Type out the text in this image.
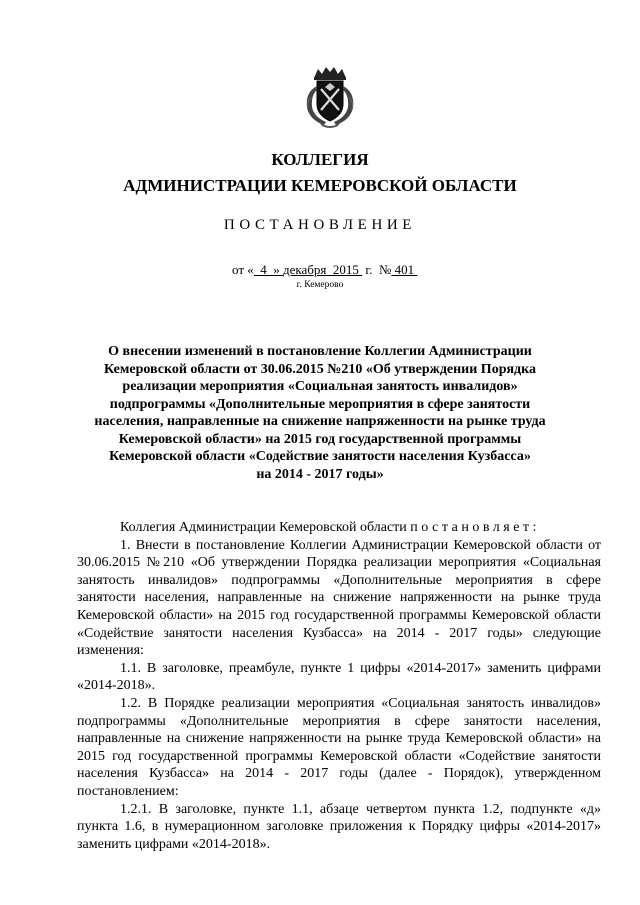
КОЛЛЕГИЯ
АДМИНИСТРАЦИИ КЕМЕРОВСКОЙ ОБЛАСТИ
ПОСТАНОВЛЕНИЕ
от «  4  » декабря  2015  г.  № 401
г. Кемерово
О внесении изменений в постановление Коллегии Администрации
Кемеровской области от 30.06.2015 №210 «Об утверждении Порядка
реализации мероприятия «Социальная занятость инвалидов»
подпрограммы «Дополнительные мероприятия в сфере занятости
населения, направленные на снижение напряженности на рынке труда
Кемеровской области» на 2015 год государственной программы
Кемеровской области «Содействие занятости населения Кузбасса»
на 2014 - 2017 годы»

Коллегия Администрации Кемеровской области постановляет:

1. Внести в постановление Коллегии Администрации Кемеровской области от 30.06.2015 №210 «Об утверждении Порядка реализации мероприятия «Социальная занятость инвалидов» подпрограммы «Дополнительные мероприятия в сфере занятости населения, направленные на снижение напряженности на рынке труда Кемеровской области» на 2015 год государственной программы Кемеровской области «Содействие занятости населения Кузбасса» на 2014 - 2017 годы» следующие изменения:

1.1. В заголовке, преамбуле, пункте 1 цифры «2014-2017» заменить цифрами «2014-2018».

1.2. В Порядке реализации мероприятия «Социальная занятость инвалидов» подпрограммы «Дополнительные мероприятия в сфере занятости населения, направленные на снижение напряженности на рынке труда Кемеровской области» на 2015 год государственной программы Кемеровской области «Содействие занятости населения Кузбасса» на 2014 - 2017 годы (далее - Порядок), утвержденном постановлением:

1.2.1. В заголовке, пункте 1.1, абзаце четвертом пункта 1.2, подпункте «д» пункта 1.6, в нумерационном заголовке приложения к Порядку цифры «2014-2017» заменить цифрами «2014-2018».
